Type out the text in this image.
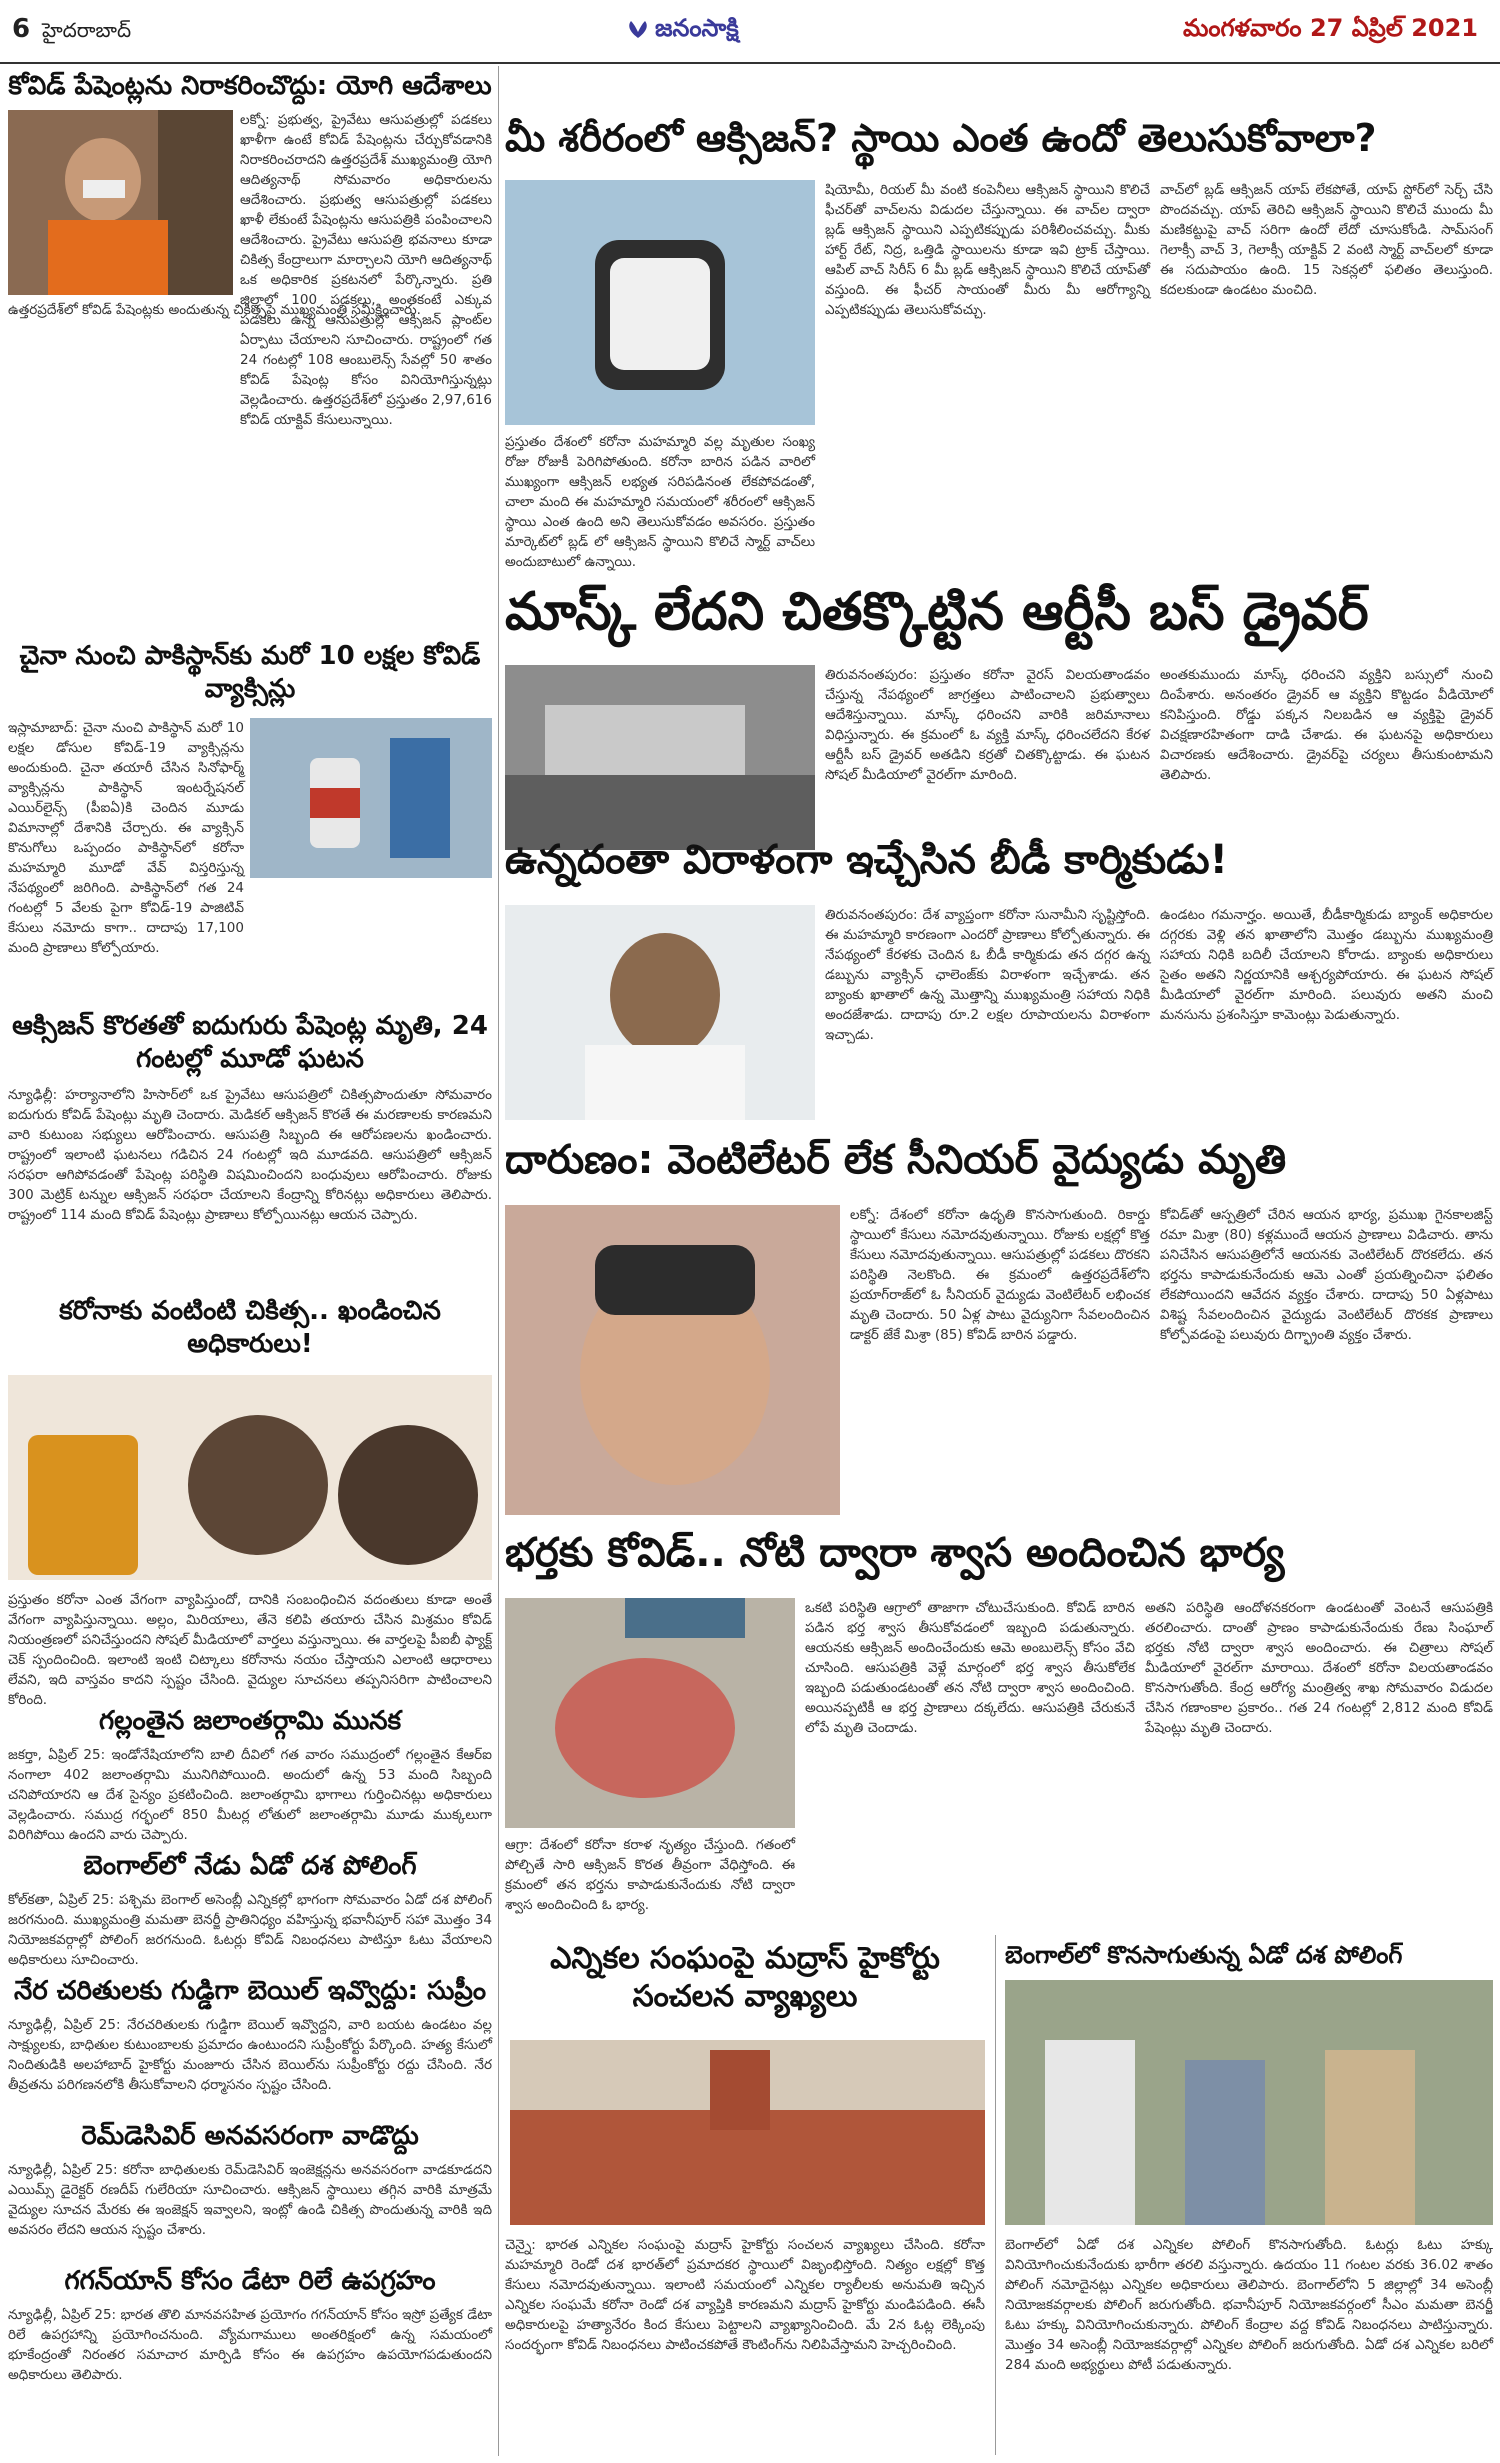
6 హైదరాబాద్	జనంసాక్షి	మంగళవారం 27 ఏప్రిల్ 2021
కోవిడ్ పేషెంట్లను నిరాకరించొద్దు: యోగి ఆదేశాలు
లక్నో: ప్రభుత్వ, ప్రైవేటు ఆసుపత్రుల్లో పడకలు ఖాళీగా ఉంటే కోవిడ్ పేషెంట్లను చేర్చుకోవడానికి నిరాకరించరాదని ఉత్తరప్రదేశ్ ముఖ్యమంత్రి యోగి ఆదిత్యనాథ్ సోమవారం అధికారులను ఆదేశించారు. ప్రభుత్వ ఆసుపత్రుల్లో పడకలు ఖాళీ లేకుంటే పేషెంట్లను ఆసుపత్రికి పంపించాలని ఆదేశించారు. ప్రైవేటు ఆసుపత్రి భవనాలు కూడా చికిత్స కేంద్రాలుగా మార్చాలని యోగి ఆదిత్యనాథ్ ఒక అధికారిక ప్రకటనలో పేర్కొన్నారు. ప్రతి జిల్లాలో 100 పడకలు, అంతకంటే ఎక్కువ పడకలు ఉన్న ఆసుపత్రుల్లో ఆక్సిజన్ ప్లాంట్‌ల ఏర్పాటు చేయాలని సూచించారు. రాష్ట్రంలో గత 24 గంటల్లో 108 ఆంబులెన్స్ సేవల్లో 50 శాతం కోవిడ్ పేషెంట్ల కోసం వినియోగిస్తున్నట్లు వెల్లడించారు. ఉత్తరప్రదేశ్‌లో ప్రస్తుతం 2,97,616 కోవిడ్ యాక్టివ్ కేసులున్నాయి.
ఉత్తరప్రదేశ్‌లో కోవిడ్ పేషెంట్లకు అందుతున్న చికిత్సపై ముఖ్యమంత్రి సమీక్షించారు.
చైనా నుంచి పాకిస్థాన్‌కు మరో 10 లక్షల కోవిడ్ వ్యాక్సిన్లు
ఇస్లామాబాద్: చైనా నుంచి పాకిస్థాన్ మరో 10 లక్షల డోసుల కోవిడ్-19 వ్యాక్సిన్లను అందుకుంది. చైనా తయారీ చేసిన సినోఫార్మ్ వ్యాక్సిన్లను పాకిస్థాన్ ఇంటర్నేషనల్ ఎయిర్‌లైన్స్ (పీఐఏ)కి చెందిన మూడు విమానాల్లో దేశానికి చేర్చారు. ఈ వ్యాక్సిన్ కొనుగోలు ఒప్పందం పాకిస్థాన్‌లో కరోనా మహమ్మారి మూడో వేవ్ విస్తరిస్తున్న నేపథ్యంలో జరిగింది. పాకిస్థాన్‌లో గత 24 గంటల్లో 5 వేలకు పైగా కోవిడ్-19 పాజిటివ్ కేసులు నమోదు కాగా.. దాదాపు 17,100 మంది ప్రాణాలు కోల్పోయారు.
ఆక్సిజన్ కొరతతో ఐదుగురు పేషెంట్ల మృతి, 24 గంటల్లో మూడో ఘటన
న్యూఢిల్లీ: హర్యానాలోని హిసార్‌లో ఒక ప్రైవేటు ఆసుపత్రిలో చికిత్సపొందుతూ సోమవారం ఐదుగురు కోవిడ్ పేషెంట్లు మృతి చెందారు. మెడికల్ ఆక్సిజన్ కొరతే ఈ మరణాలకు కారణమని వారి కుటుంబ సభ్యులు ఆరోపించారు. ఆసుపత్రి సిబ్బంది ఈ ఆరోపణలను ఖండించారు. రాష్ట్రంలో ఇలాంటి ఘటనలు గడిచిన 24 గంటల్లో ఇది మూడవది. ఆసుపత్రిలో ఆక్సిజన్ సరఫరా ఆగిపోవడంతో పేషెంట్ల పరిస్థితి విషమించిందని బంధువులు ఆరోపించారు. రోజుకు 300 మెట్రిక్ టన్నుల ఆక్సిజన్ సరఫరా చేయాలని కేంద్రాన్ని కోరినట్లు అధికారులు తెలిపారు. రాష్ట్రంలో 114 మంది కోవిడ్ పేషెంట్లు ప్రాణాలు కోల్పోయినట్లు ఆయన చెప్పారు.
కరోనాకు వంటింటి చికిత్స.. ఖండించిన అధికారులు!
ప్రస్తుతం కరోనా ఎంత వేగంగా వ్యాపిస్తుందో, దానికి సంబంధించిన వదంతులు కూడా అంతే వేగంగా వ్యాపిస్తున్నాయి. అల్లం, మిరియాలు, తేనె కలిపి తయారు చేసిన మిశ్రమం కోవిడ్ నియంత్రణలో పనిచేస్తుందని సోషల్ మీడియాలో వార్తలు వస్తున్నాయి. ఈ వార్తలపై పీఐబీ ఫ్యాక్ట్ చెక్ స్పందించింది. ఇలాంటి ఇంటి చిట్కాలు కరోనాను నయం చేస్తాయని ఎలాంటి ఆధారాలు లేవని, ఇది వాస్తవం కాదని స్పష్టం చేసింది. వైద్యుల సూచనలు తప్పనిసరిగా పాటించాలని కోరింది.
గల్లంతైన జలాంతర్గామి మునక
జకర్తా, ఏప్రిల్ 25: ఇండోనేషియాలోని బాలి దీవిలో గత వారం సముద్రంలో గల్లంతైన కేఆర్ఐ నంగాలా 402 జలాంతర్గామి మునిగిపోయింది. అందులో ఉన్న 53 మంది సిబ్బంది చనిపోయారని ఆ దేశ సైన్యం ప్రకటించింది. జలాంతర్గామి భాగాలు గుర్తించినట్లు అధికారులు వెల్లడించారు. సముద్ర గర్భంలో 850 మీటర్ల లోతులో జలాంతర్గామి మూడు ముక్కలుగా విరిగిపోయి ఉందని వారు చెప్పారు.
బెంగాల్‌లో నేడు ఏడో దశ పోలింగ్
కోల్‌కతా, ఏప్రిల్ 25: పశ్చిమ బెంగాల్ అసెంబ్లీ ఎన్నికల్లో భాగంగా సోమవారం ఏడో దశ పోలింగ్ జరగనుంది. ముఖ్యమంత్రి మమతా బెనర్జీ ప్రాతినిధ్యం వహిస్తున్న భవానీపూర్ సహా మొత్తం 34 నియోజకవర్గాల్లో పోలింగ్ జరగనుంది. ఓటర్లు కోవిడ్ నిబంధనలు పాటిస్తూ ఓటు వేయాలని అధికారులు సూచించారు.
నేర చరితులకు గుడ్డిగా బెయిల్ ఇవ్వొద్దు: సుప్రీం
న్యూఢిల్లీ, ఏప్రిల్ 25: నేరచరితులకు గుడ్డిగా బెయిల్ ఇవ్వొద్దని, వారి బయట ఉండటం వల్ల సాక్ష్యులకు, బాధితుల కుటుంబాలకు ప్రమాదం ఉంటుందని సుప్రీంకోర్టు పేర్కొంది. హత్య కేసులో నిందితుడికి అలహాబాద్ హైకోర్టు మంజూరు చేసిన బెయిల్‌ను సుప్రీంకోర్టు రద్దు చేసింది. నేర తీవ్రతను పరిగణనలోకి తీసుకోవాలని ధర్మాసనం స్పష్టం చేసింది.
రెమ్‌డెసివిర్ అనవసరంగా వాడొద్దు
న్యూఢిల్లీ, ఏప్రిల్ 25: కరోనా బాధితులకు రెమ్‌డెసివిర్ ఇంజెక్షన్లను అనవసరంగా వాడకూడదని ఎయిమ్స్ డైరెక్టర్ రణదీప్ గులేరియా సూచించారు. ఆక్సిజన్ స్థాయిలు తగ్గిన వారికి మాత్రమే వైద్యుల సూచన మేరకు ఈ ఇంజెక్షన్ ఇవ్వాలని, ఇంట్లో ఉండి చికిత్స పొందుతున్న వారికి ఇది అవసరం లేదని ఆయన స్పష్టం చేశారు.
గగన్‌యాన్ కోసం డేటా రిలే ఉపగ్రహం
న్యూఢిల్లీ, ఏప్రిల్ 25: భారత తొలి మానవసహిత ప్రయోగం గగన్‌యాన్ కోసం ఇస్రో ప్రత్యేక డేటా రిలే ఉపగ్రహాన్ని ప్రయోగించనుంది. వ్యోమగాములు అంతరిక్షంలో ఉన్న సమయంలో భూకేంద్రంతో నిరంతర సమాచార మార్పిడి కోసం ఈ ఉపగ్రహం ఉపయోగపడుతుందని అధికారులు తెలిపారు.
మీ శరీరంలో ఆక్సిజన్? స్థాయి ఎంత ఉందో తెలుసుకోవాలా?
ప్రస్తుతం దేశంలో కరోనా మహమ్మారి వల్ల మృతుల సంఖ్య రోజు రోజుకీ పెరిగిపోతుంది. కరోనా బారిన పడిన వారిలో ముఖ్యంగా ఆక్సిజన్ లభ్యత సరిపడినంత లేకపోవడంతో, చాలా మంది ఈ మహమ్మారి సమయంలో శరీరంలో ఆక్సిజన్ స్థాయి ఎంత ఉంది అని తెలుసుకోవడం అవసరం. ప్రస్తుతం మార్కెట్‌లో బ్లడ్ లో ఆక్సిజన్ స్థాయిని కొలిచే స్మార్ట్ వాచ్‌లు అందుబాటులో ఉన్నాయి.
షియోమీ, రియల్ మీ వంటి కంపెనీలు ఆక్సిజన్ స్థాయిని కొలిచే ఫీచర్‌తో వాచ్‌లను విడుదల చేస్తున్నాయి. ఈ వాచ్‌ల ద్వారా బ్లడ్ ఆక్సిజన్ స్థాయిని ఎప్పటికప్పుడు పరిశీలించవచ్చు. మీకు హార్ట్ రేట్, నిద్ర, ఒత్తిడి స్థాయిలను కూడా ఇవి ట్రాక్ చేస్తాయి. ఆపిల్ వాచ్ సిరీస్ 6 మీ బ్లడ్ ఆక్సిజన్ స్థాయిని కొలిచే యాప్‌తో వస్తుంది. ఈ ఫీచర్ సాయంతో మీరు మీ ఆరోగ్యాన్ని ఎప్పటికప్పుడు తెలుసుకోవచ్చు.
వాచ్‌లో బ్లడ్ ఆక్సిజన్ యాప్ లేకపోతే, యాప్ స్టోర్‌లో సెర్చ్ చేసి పొందవచ్చు. యాప్ తెరిచి ఆక్సిజన్ స్థాయిని కొలిచే ముందు మీ మణికట్టుపై వాచ్ సరిగా ఉందో లేదో చూసుకోండి. సామ్‌సంగ్ గెలాక్సీ వాచ్ 3, గెలాక్సీ యాక్టివ్ 2 వంటి స్మార్ట్ వాచ్‌లలో కూడా ఈ సదుపాయం ఉంది. 15 సెకన్లలో ఫలితం తెలుస్తుంది. కదలకుండా ఉండటం మంచిది.
మాస్క్ లేదని చితక్కొట్టిన ఆర్టీసీ బస్ డ్రైవర్
తిరువనంతపురం: ప్రస్తుతం కరోనా వైరస్ విలయతాండవం చేస్తున్న నేపథ్యంలో జాగ్రత్తలు పాటించాలని ప్రభుత్వాలు ఆదేశిస్తున్నాయి. మాస్క్ ధరించని వారికి జరిమానాలు విధిస్తున్నారు. ఈ క్రమంలో ఓ వ్యక్తి మాస్క్ ధరించలేదని కేరళ ఆర్టీసీ బస్ డ్రైవర్ అతడిని కర్రతో చితక్కొట్టాడు. ఈ ఘటన సోషల్ మీడియాలో వైరల్‌గా మారింది.
అంతకుముందు మాస్క్ ధరించని వ్యక్తిని బస్సులో నుంచి దింపేశారు. అనంతరం డ్రైవర్ ఆ వ్యక్తిని కొట్టడం వీడియోలో కనిపిస్తుంది. రోడ్డు పక్కన నిలబడిన ఆ వ్యక్తిపై డ్రైవర్ విచక్షణారహితంగా దాడి చేశాడు. ఈ ఘటనపై అధికారులు విచారణకు ఆదేశించారు. డ్రైవర్‌పై చర్యలు తీసుకుంటామని తెలిపారు.
ఉన్నదంతా విరాళంగా ఇచ్చేసిన బీడీ కార్మికుడు!
తిరువనంతపురం: దేశ వ్యాప్తంగా కరోనా సునామీని సృష్టిస్తోంది. ఈ మహమ్మారి కారణంగా ఎందరో ప్రాణాలు కోల్పోతున్నారు. ఈ నేపథ్యంలో కేరళకు చెందిన ఓ బీడీ కార్మికుడు తన దగ్గర ఉన్న డబ్బును వ్యాక్సిన్ ఛాలెంజ్‌కు విరాళంగా ఇచ్చేశాడు. తన బ్యాంకు ఖాతాలో ఉన్న మొత్తాన్ని ముఖ్యమంత్రి సహాయ నిధికి అందజేశాడు. దాదాపు రూ.2 లక్షల రూపాయలను విరాళంగా ఇచ్చాడు.
ఉండటం గమనార్హం. అయితే, బీడీకార్మికుడు బ్యాంక్ అధికారుల దగ్గరకు వెళ్లి తన ఖాతాలోని మొత్తం డబ్బును ముఖ్యమంత్రి సహాయ నిధికి బదిలీ చేయాలని కోరాడు. బ్యాంకు అధికారులు సైతం అతని నిర్ణయానికి ఆశ్చర్యపోయారు. ఈ ఘటన సోషల్ మీడియాలో వైరల్‌గా మారింది. పలువురు అతని మంచి మనసును ప్రశంసిస్తూ కామెంట్లు పెడుతున్నారు.
దారుణం: వెంటిలేటర్ లేక సీనియర్ వైద్యుడు మృతి
లక్నో: దేశంలో కరోనా ఉధృతి కొనసాగుతుంది. రికార్డు స్థాయిలో కేసులు నమోదవుతున్నాయి. రోజుకు లక్షల్లో కొత్త కేసులు నమోదవుతున్నాయి. ఆసుపత్రుల్లో పడకలు దొరకని పరిస్థితి నెలకొంది. ఈ క్రమంలో ఉత్తరప్రదేశ్‌లోని ప్రయాగ్‌రాజ్‌లో ఓ సీనియర్ వైద్యుడు వెంటిలేటర్ లభించక మృతి చెందారు. 50 ఏళ్ల పాటు వైద్యునిగా సేవలందించిన డాక్టర్ జేకే మిశ్రా (85) కోవిడ్ బారిన పడ్డారు.
కోవిడ్‌తో ఆస్పత్రిలో చేరిన ఆయన భార్య, ప్రముఖ గైనకాలజిస్ట్ రమా మిశ్రా (80) కళ్లముందే ఆయన ప్రాణాలు విడిచారు. తాను పనిచేసిన ఆసుపత్రిలోనే ఆయనకు వెంటిలేటర్ దొరకలేదు. తన భర్తను కాపాడుకునేందుకు ఆమె ఎంతో ప్రయత్నించినా ఫలితం లేకపోయిందని ఆవేదన వ్యక్తం చేశారు. దాదాపు 50 ఏళ్లపాటు విశిష్ట సేవలందించిన వైద్యుడు వెంటిలేటర్ దొరకక ప్రాణాలు కోల్పోవడంపై పలువురు దిగ్భ్రాంతి వ్యక్తం చేశారు.
భర్తకు కోవిడ్.. నోటి ద్వారా శ్వాస అందించిన భార్య
ఆగ్రా: దేశంలో కరోనా కరాళ నృత్యం చేస్తుంది. గతంలో పోల్చితే సారి ఆక్సిజన్ కొరత తీవ్రంగా వేధిస్తోంది. ఈ క్రమంలో తన భర్తను కాపాడుకునేందుకు నోటి ద్వారా శ్వాస అందించింది ఓ భార్య.
ఒకటి పరిస్థితి ఆగ్రాలో తాజాగా చోటుచేసుకుంది. కోవిడ్ బారిన పడిన భర్త శ్వాస తీసుకోవడంలో ఇబ్బంది పడుతున్నారు. ఆయనకు ఆక్సిజన్ అందించేందుకు ఆమె అంబులెన్స్ కోసం వేచి చూసింది. ఆసుపత్రికి వెళ్లే మార్గంలో భర్త శ్వాస తీసుకోలేక ఇబ్బంది పడుతుండటంతో తన నోటి ద్వారా శ్వాస అందించింది. అయినప్పటికీ ఆ భర్త ప్రాణాలు దక్కలేదు. ఆసుపత్రికి చేరుకునే లోపే మృతి చెందాడు.
అతని పరిస్థితి ఆందోళనకరంగా ఉండటంతో వెంటనే ఆసుపత్రికి తరలించారు. దాంతో ప్రాణం కాపాడుకునేందుకు రేణు సింఘాల్ భర్తకు నోటి ద్వారా శ్వాస అందించారు. ఈ చిత్రాలు సోషల్ మీడియాలో వైరల్‌గా మారాయి. దేశంలో కరోనా విలయతాండవం కొనసాగుతోంది. కేంద్ర ఆరోగ్య మంత్రిత్వ శాఖ సోమవారం విడుదల చేసిన గణాంకాల ప్రకారం.. గత 24 గంటల్లో 2,812 మంది కోవిడ్ పేషెంట్లు మృతి చెందారు.
ఎన్నికల సంఘంపై మద్రాస్ హైకోర్టు సంచలన వ్యాఖ్యలు
చెన్నై: భారత ఎన్నికల సంఘంపై మద్రాస్ హైకోర్టు సంచలన వ్యాఖ్యలు చేసింది. కరోనా మహమ్మారి రెండో దశ భారత్‌లో ప్రమాదకర స్థాయిలో విజృంభిస్తోంది. నిత్యం లక్షల్లో కొత్త కేసులు నమోదవుతున్నాయి. ఇలాంటి సమయంలో ఎన్నికల ర్యాలీలకు అనుమతి ఇచ్చిన ఎన్నికల సంఘమే కరోనా రెండో దశ వ్యాప్తికి కారణమని మద్రాస్ హైకోర్టు మండిపడింది. ఈసీ అధికారులపై హత్యానేరం కింద కేసులు పెట్టాలని వ్యాఖ్యానించింది. మే 2న ఓట్ల లెక్కింపు సందర్భంగా కోవిడ్ నిబంధనలు పాటించకపోతే కౌంటింగ్‌ను నిలిపివేస్తామని హెచ్చరించింది.
బెంగాల్‌లో కొనసాగుతున్న ఏడో దశ పోలింగ్
బెంగాల్‌లో ఏడో దశ ఎన్నికల పోలింగ్ కొనసాగుతోంది. ఓటర్లు ఓటు హక్కు వినియోగించుకునేందుకు భారీగా తరలి వస్తున్నారు. ఉదయం 11 గంటల వరకు 36.02 శాతం పోలింగ్ నమోదైనట్లు ఎన్నికల అధికారులు తెలిపారు. బెంగాల్‌లోని 5 జిల్లాల్లో 34 అసెంబ్లీ నియోజకవర్గాలకు పోలింగ్ జరుగుతోంది. భవానీపూర్ నియోజకవర్గంలో సీఎం మమతా బెనర్జీ ఓటు హక్కు వినియోగించుకున్నారు. పోలింగ్ కేంద్రాల వద్ద కోవిడ్ నిబంధనలు పాటిస్తున్నారు. మొత్తం 34 అసెంబ్లీ నియోజకవర్గాల్లో ఎన్నికల పోలింగ్ జరుగుతోంది. ఏడో దశ ఎన్నికల బరిలో 284 మంది అభ్యర్థులు పోటీ పడుతున్నారు.
